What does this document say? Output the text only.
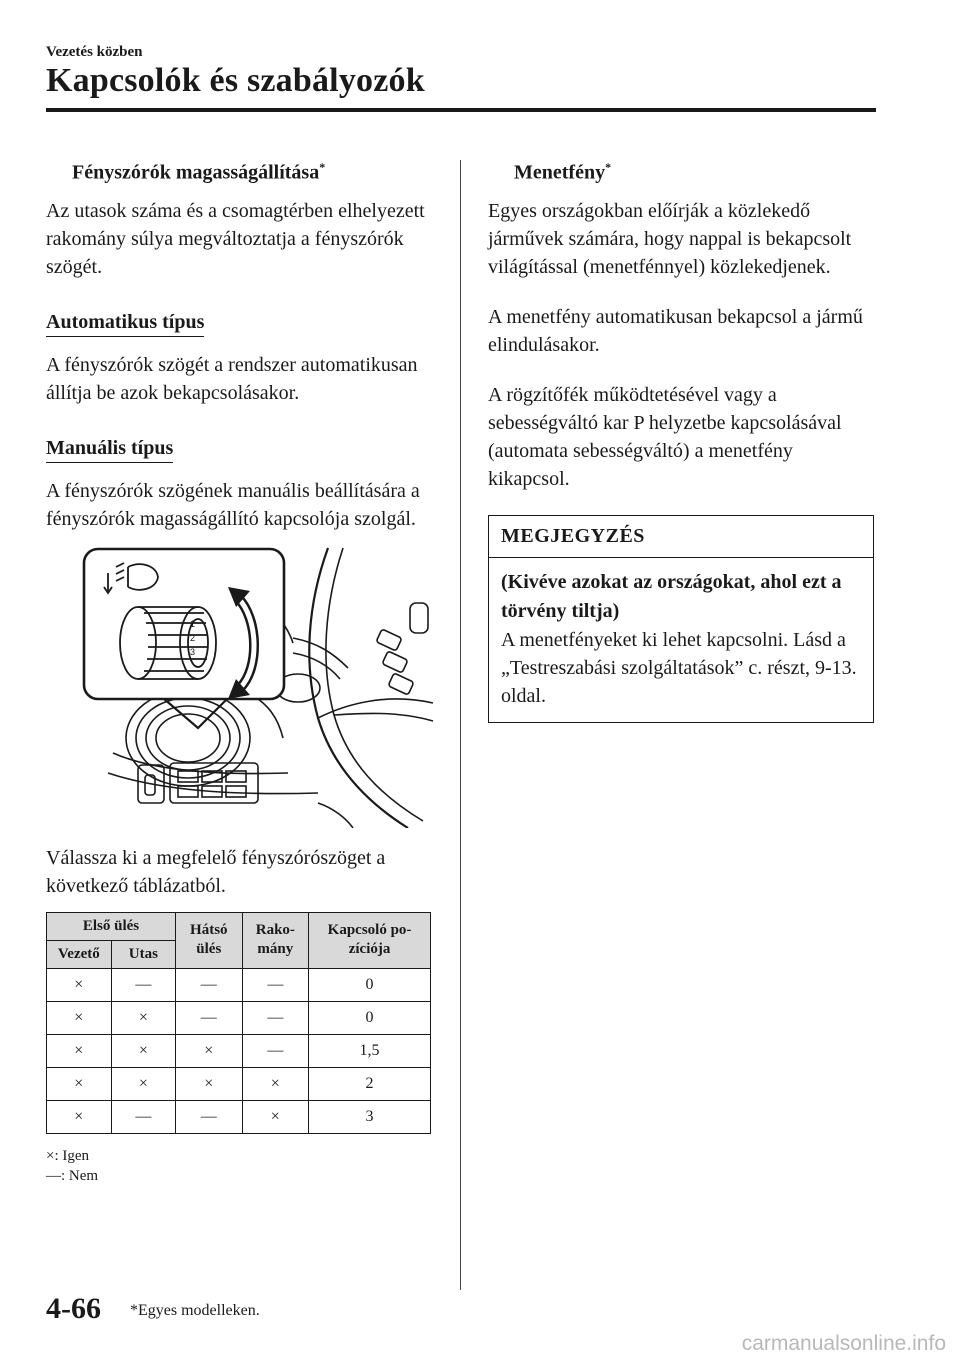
Vezetés közben
Kapcsolók és szabályozók
Fényszórók magasságállítása*

Az utasok száma és a csomagtérben elhelyezett rakomány súlya megváltoztatja a fényszórók szögét.

Automatikus típus

A fényszórók szögét a rendszer automatikusan állítja be azok bekapcsolásakor.

Manuális típus

A fényszórók szögének manuális beállítására a fényszórók magasságállító kapcsolója szolgál.

1
2
3

Válassza ki a megfelelő fényszórószöget a következő táblázatból.

Első ülés		Hátsó ülés	Rako-mány	Kapcsoló po-zíciója
Vezető	Utas			
×	—	—	—	0
×	×	—	—	0
×	×	×	—	1,5
×	×	×	×	2
×	—	—	×	3
×: Igen
—: Nem
Menetfény*

Egyes országokban előírják a közlekedő járművek számára, hogy nappal is bekapcsolt világítással (menetfénnyel) közlekedjenek.

A menetfény automatikusan bekapcsol a jármű elindulásakor.

A rögzítőfék működtetésével vagy a sebességváltó kar P helyzetbe kapcsolásával (automata sebességváltó) a menetfény kikapcsol.

MEGJEGYZÉS
(Kivéve azokat az országokat, ahol ezt a törvény tiltja)
A menetfényeket ki lehet kapcsolni. Lásd a „Testreszabási szolgáltatások” c. részt, 9-13. oldal.
4-66 *Egyes modelleken.
carmanualsonline.info
